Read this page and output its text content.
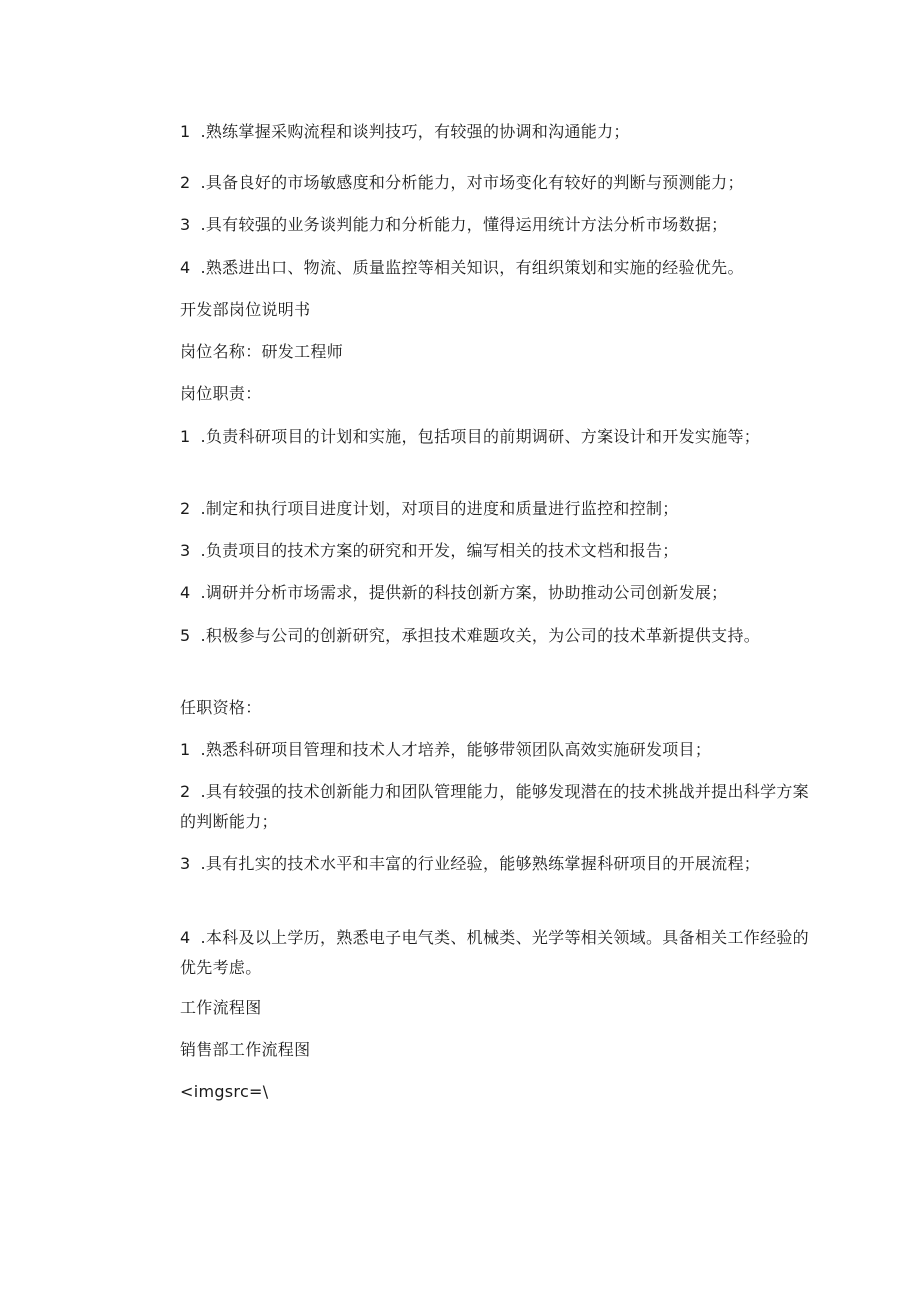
1 .熟练掌握采购流程和谈判技巧，有较强的协调和沟通能力；
2 .具备良好的市场敏感度和分析能力，对市场变化有较好的判断与预测能力；
3 .具有较强的业务谈判能力和分析能力，懂得运用统计方法分析市场数据；
4 .熟悉进出口、物流、质量监控等相关知识，有组织策划和实施的经验优先。
开发部岗位说明书
岗位名称：研发工程师
岗位职责：
1 .负责科研项目的计划和实施，包括项目的前期调研、方案设计和开发实施等；
2 .制定和执行项目进度计划，对项目的进度和质量进行监控和控制；
3 .负责项目的技术方案的研究和开发，编写相关的技术文档和报告；
4 .调研并分析市场需求，提供新的科技创新方案，协助推动公司创新发展；
5 .积极参与公司的创新研究，承担技术难题攻关，为公司的技术革新提供支持。
任职资格：
1 .熟悉科研项目管理和技术人才培养，能够带领团队高效实施研发项目；
2 .具有较强的技术创新能力和团队管理能力，能够发现潜在的技术挑战并提出科学方案的判断能力；
3 .具有扎实的技术水平和丰富的行业经验，能够熟练掌握科研项目的开展流程；
4 .本科及以上学历，熟悉电子电气类、机械类、光学等相关领域。具备相关工作经验的优先考虑。
工作流程图
销售部工作流程图
<imgsrc=\
